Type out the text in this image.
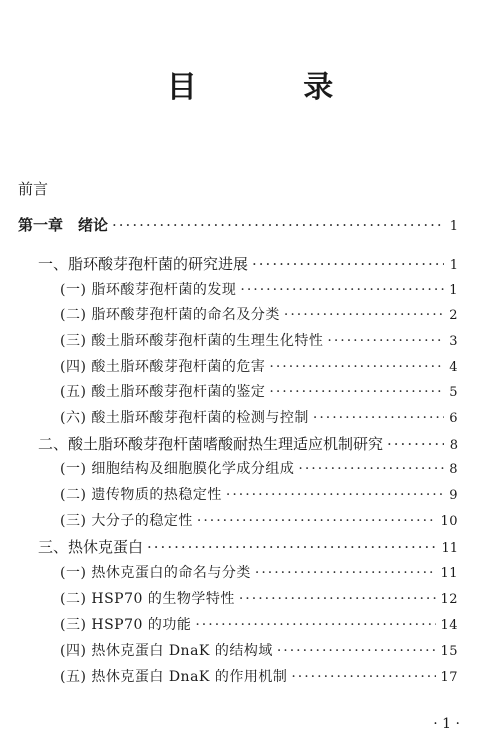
目 录
前言
第一章　绪论 ·····	1
一、脂环酸芽孢杆菌的研究进展 ·····	1
(一) 脂环酸芽孢杆菌的发现 ·····	1
(二) 脂环酸芽孢杆菌的命名及分类 ·····	2
(三) 酸土脂环酸芽孢杆菌的生理生化特性 ·····	3
(四) 酸土脂环酸芽孢杆菌的危害 ·····	4
(五) 酸土脂环酸芽孢杆菌的鉴定 ·····	5
(六) 酸土脂环酸芽孢杆菌的检测与控制 ·····	6
二、酸土脂环酸芽孢杆菌嗜酸耐热生理适应机制研究 ·····	8
(一) 细胞结构及细胞膜化学成分组成 ·····	8
(二) 遗传物质的热稳定性 ·····	9
(三) 大分子的稳定性 ·····	10
三、热休克蛋白 ·····	11
(一) 热休克蛋白的命名与分类 ·····	11
(二) HSP70 的生物学特性 ·····	12
(三) HSP70 的功能 ·····	14
(四) 热休克蛋白 DnaK 的结构域 ·····	15
(五) 热休克蛋白 DnaK 的作用机制 ·····	17
· 1 ·
